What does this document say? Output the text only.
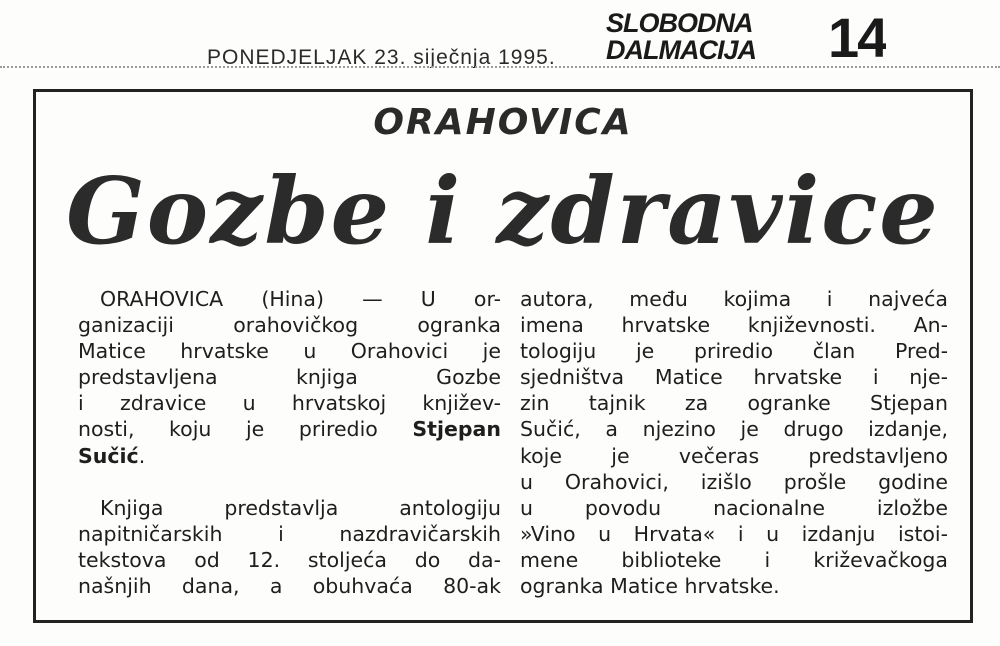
PONEDJELJAK 23. siječnja 1995.
SLOBODNA
DALMACIJA	14
ORAHOVICA
Gozbe i zdravice
ORAHOVICA (Hina) — U or-
ganizaciji orahovičkog ogranka
Matice hrvatske u Orahovici je
predstavljena knjiga Gozbe
i zdravice u hrvatskoj književ-
nosti, koju je priredio Stjepan
Sučić.
Knjiga predstavlja antologiju
napitničarskih i nazdravičarskih
tekstova od 12. stoljeća do da-
našnjih dana, a obuhvaća 80-ak
autora, među kojima i najveća
imena hrvatske književnosti. An-
tologiju je priredio član Pred-
sjedništva Matice hrvatske i nje-
zin tajnik za ogranke Stjepan
Sučić, a njezino je drugo izdanje,
koje je večeras predstavljeno
u Orahovici, izišlo prošle godine
u povodu nacionalne izložbe
»Vino u Hrvata« i u izdanju istoi-
mene biblioteke i križevačkoga
ogranka Matice hrvatske.
